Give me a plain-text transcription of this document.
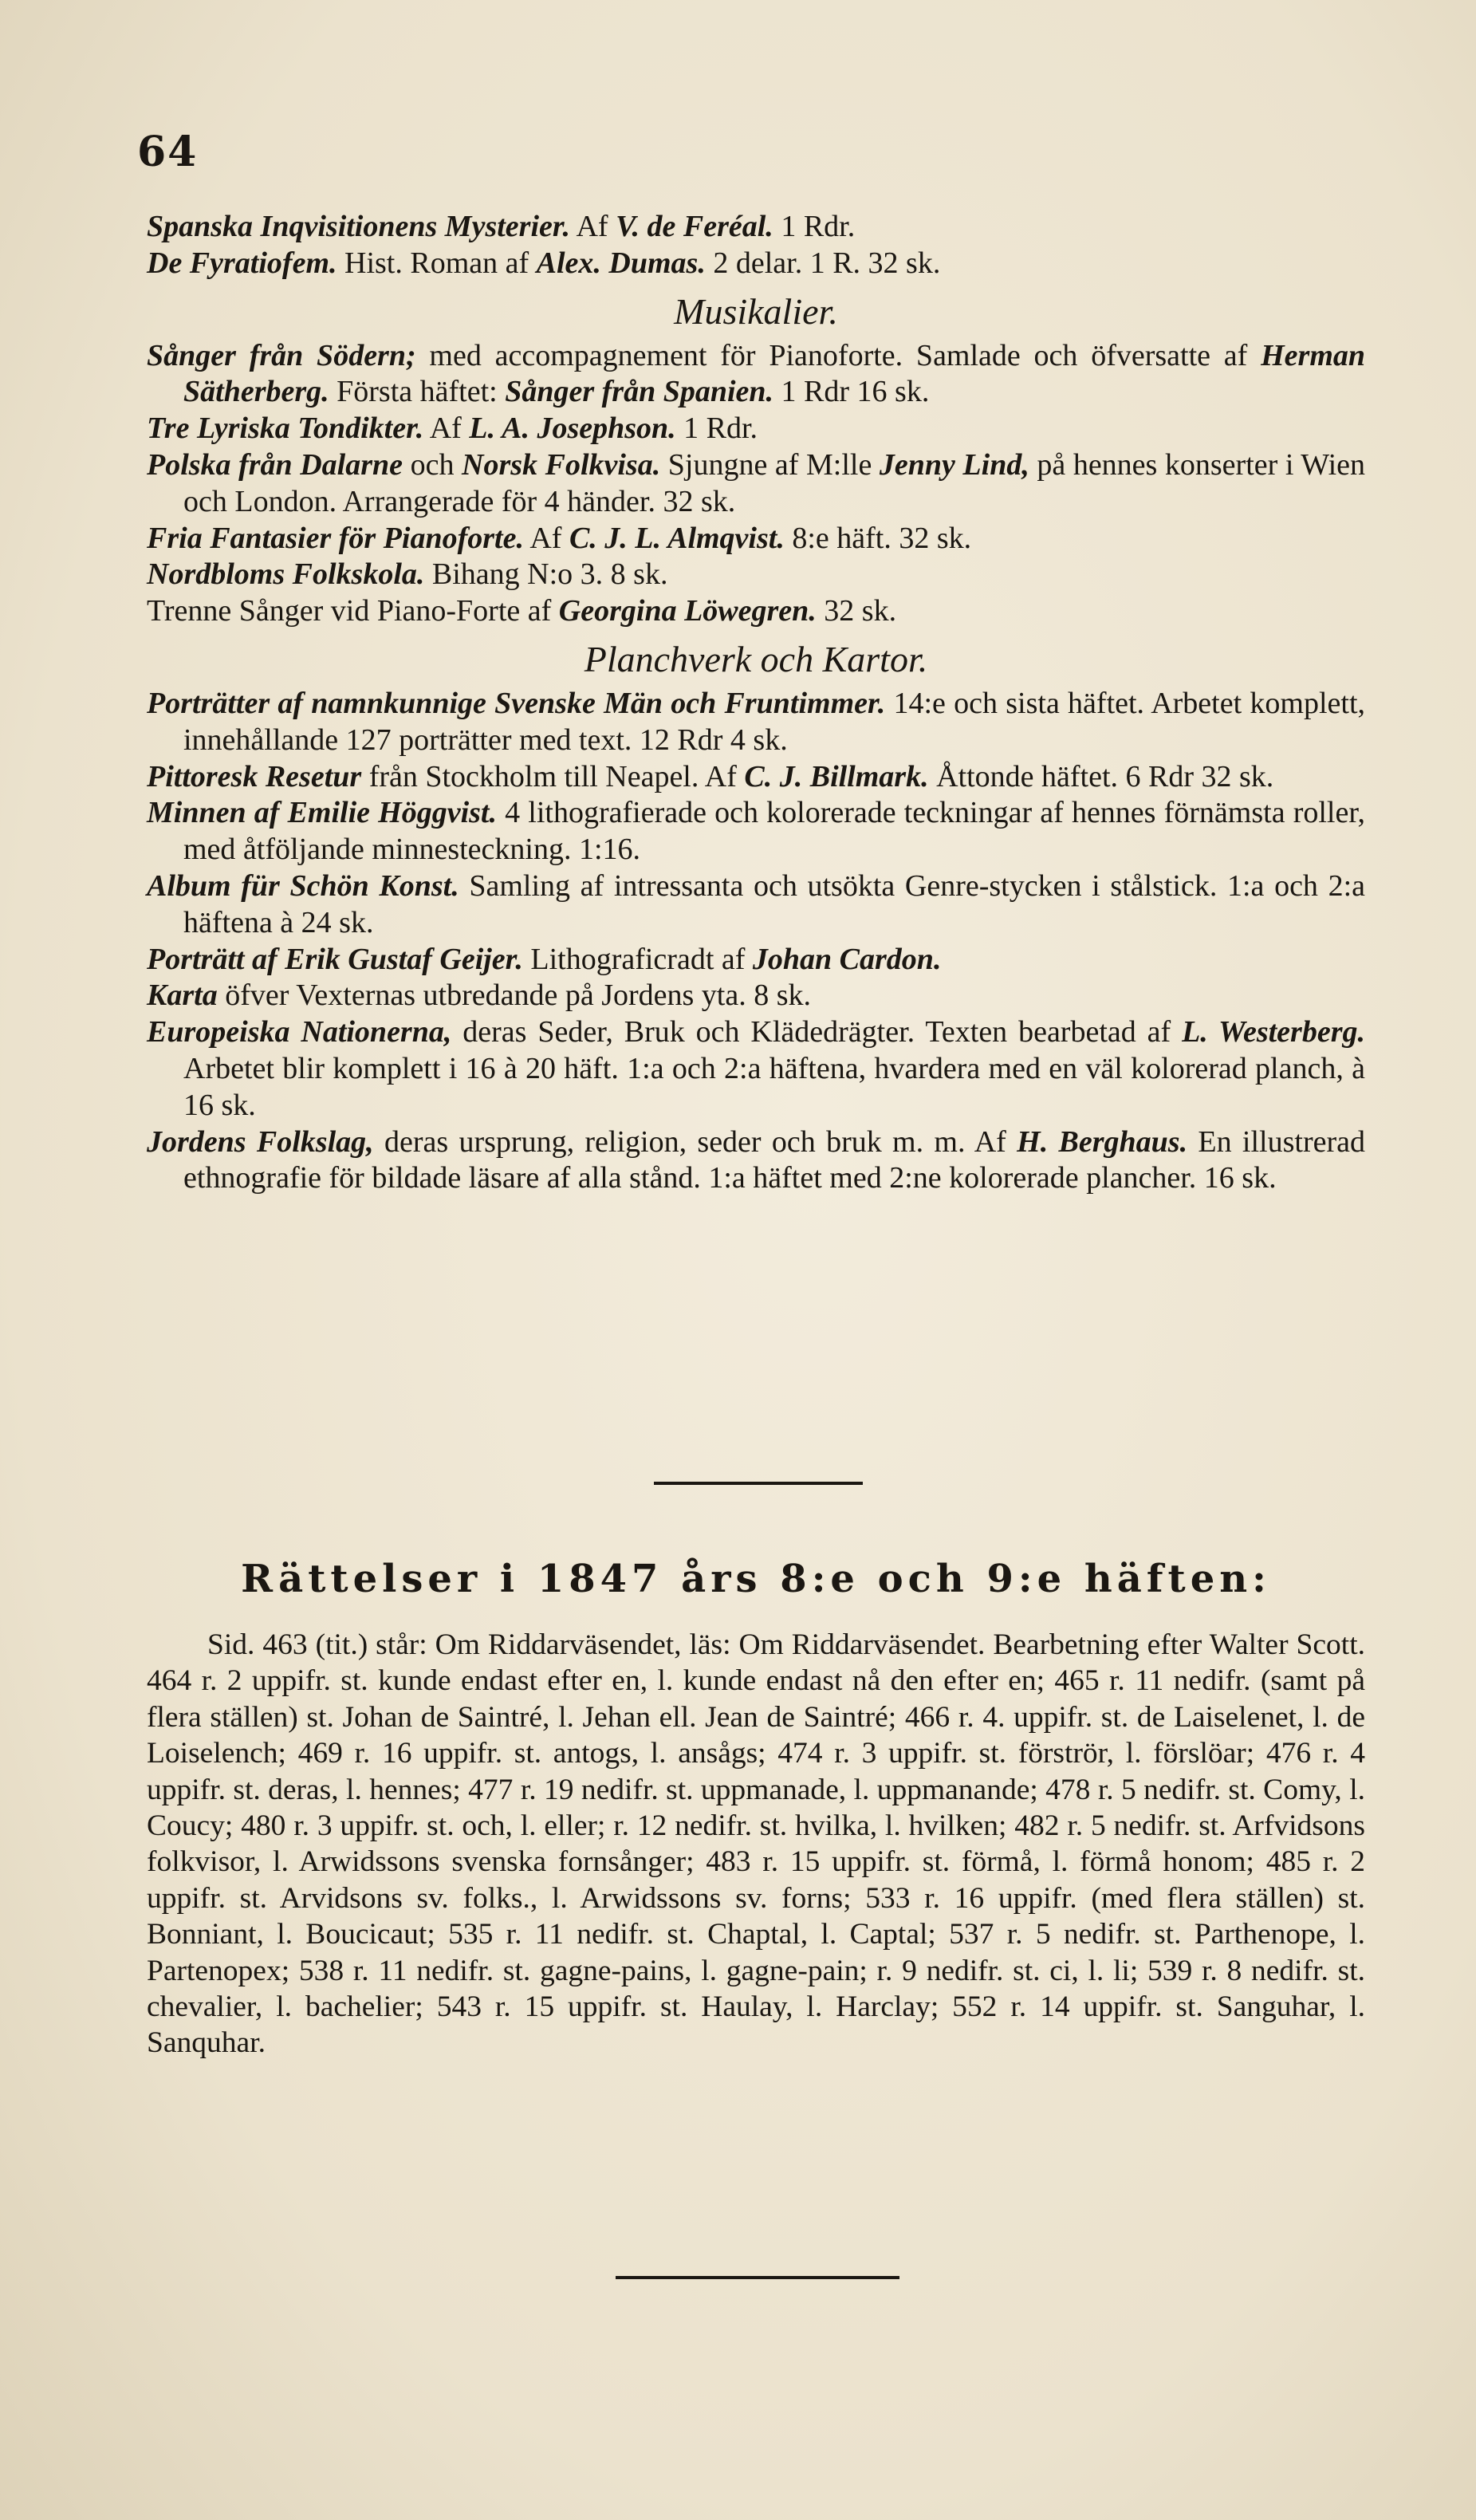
64

Spanska Inqvisitionens Mysterier. Af V. de Feréal. 1 Rdr.

De Fyratiofem. Hist. Roman af Alex. Dumas. 2 delar. 1 R. 32 sk.

Musikalier.

Sånger från Södern; med accompagnement för Pianoforte. Samlade och öfversatte af Herman Sätherberg. Första häftet: Sånger från Spanien. 1 Rdr 16 sk.

Tre Lyriska Tondikter. Af L. A. Josephson. 1 Rdr.

Polska från Dalarne och Norsk Folkvisa. Sjungne af M:lle Jenny Lind, på hennes konserter i Wien och London. Arrangerade för 4 händer. 32 sk.

Fria Fantasier för Pianoforte. Af C. J. L. Almqvist. 8:e häft. 32 sk.

Nordbloms Folkskola. Bihang N:o 3. 8 sk.

Trenne Sånger vid Piano-Forte af Georgina Löwegren. 32 sk.

Planchverk och Kartor.

Porträtter af namnkunnige Svenske Män och Fruntimmer. 14:e och sista häftet. Arbetet komplett, innehållande 127 porträtter med text. 12 Rdr 4 sk.

Pittoresk Resetur från Stockholm till Neapel. Af C. J. Billmark. Åttonde häftet. 6 Rdr 32 sk.

Minnen af Emilie Höggvist. 4 lithografierade och kolorerade teckningar af hennes förnämsta roller, med åtföljande minnesteckning. 1:16.

Album für Schön Konst. Samling af intressanta och utsökta Genre-stycken i stålstick. 1:a och 2:a häftena à 24 sk.

Porträtt af Erik Gustaf Geijer. Lithograficradt af Johan Cardon.

Karta öfver Vexternas utbredande på Jordens yta. 8 sk.

Europeiska Nationerna, deras Seder, Bruk och Klädedrägter. Texten bearbetad af L. Westerberg. Arbetet blir komplett i 16 à 20 häft. 1:a och 2:a häftena, hvardera med en väl kolorerad planch, à 16 sk.

Jordens Folkslag, deras ursprung, religion, seder och bruk m. m. Af H. Berghaus. En illustrerad ethnografie för bildade läsare af alla stånd. 1:a häftet med 2:ne kolorerade plancher. 16 sk.

Rättelser i 1847 års 8:e och 9:e häften:

Sid. 463 (tit.) står: Om Riddarväsendet, läs: Om Riddarväsendet. Bearbetning efter Walter Scott. 464 r. 2 uppifr. st. kunde endast efter en, l. kunde endast nå den efter en; 465 r. 11 nedifr. (samt på flera ställen) st. Johan de Saintré, l. Jehan ell. Jean de Saintré; 466 r. 4. uppifr. st. de Laiselenet, l. de Loiselench; 469 r. 16 uppifr. st. antogs, l. ansågs; 474 r. 3 uppifr. st. förströr, l. förslöar; 476 r. 4 uppifr. st. deras, l. hennes; 477 r. 19 nedifr. st. uppmanade, l. uppmanande; 478 r. 5 nedifr. st. Comy, l. Coucy; 480 r. 3 uppifr. st. och, l. eller; r. 12 nedifr. st. hvilka, l. hvilken; 482 r. 5 nedifr. st. Arfvidsons folkvisor, l. Arwidssons svenska fornsånger; 483 r. 15 uppifr. st. förmå, l. förmå honom; 485 r. 2 uppifr. st. Arvidsons sv. folks., l. Arwidssons sv. forns; 533 r. 16 uppifr. (med flera ställen) st. Bonniant, l. Boucicaut; 535 r. 11 nedifr. st. Chaptal, l. Captal; 537 r. 5 nedifr. st. Parthenope, l. Partenopex; 538 r. 11 nedifr. st. gagne-pains, l. gagne-pain; r. 9 nedifr. st. ci, l. li; 539 r. 8 nedifr. st. chevalier, l. bachelier; 543 r. 15 uppifr. st. Haulay, l. Harclay; 552 r. 14 uppifr. st. Sanguhar, l. Sanquhar.
